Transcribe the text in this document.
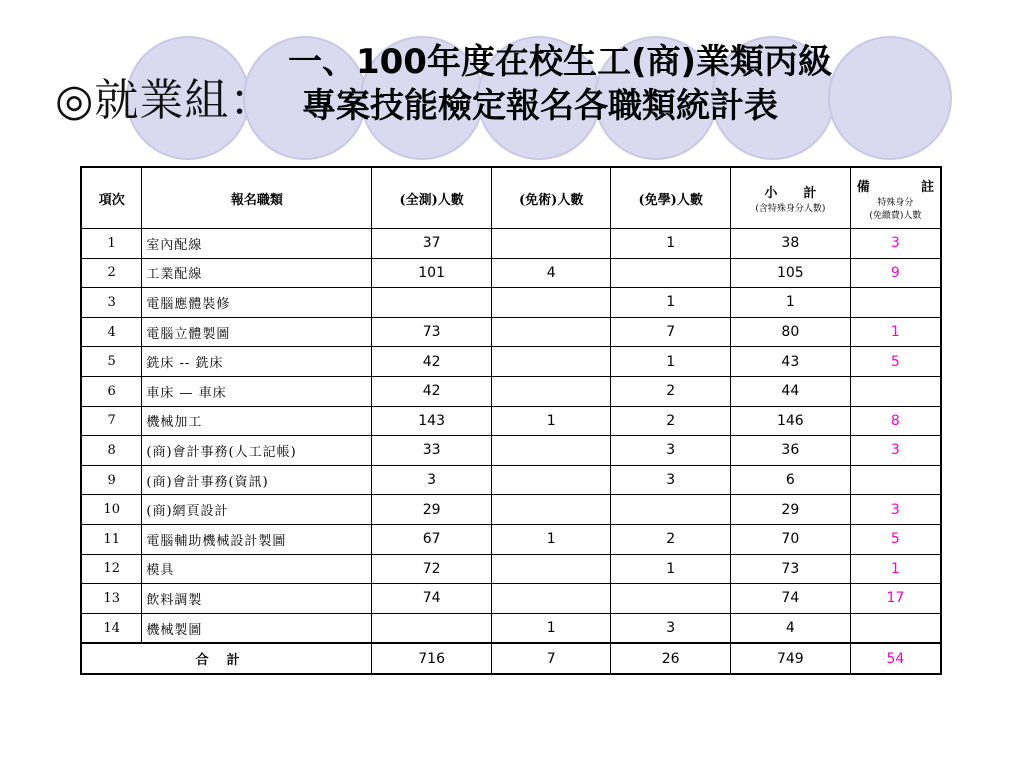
◎就業組：
一、100年度在校生工(商)業類丙級
專案技能檢定報名各職類統計表
項次	報名職類	(全測)人數	(免術)人數	(免學)人數	小　　計
(含特殊身分人數)	備 註
特殊身分
(免繳費)人數

1	室內配線	37		1	38	3
2	工業配線	101	4		105	9
3	電腦應體裝修			1	1	
4	電腦立體製圖	73		7	80	1
5	銑床 -- 銑床	42		1	43	5
6	車床 — 車床	42		2	44	
7	機械加工	143	1	2	146	8
8	(商)會計事務(人工記帳)	33		3	36	3
9	(商)會計事務(資訊)	3		3	6	
10	(商)網頁設計	29			29	3
11	電腦輔助機械設計製圖	67	1	2	70	5
12	模具	72		1	73	1
13	飲料調製	74			74	17
14	機械製圖		1	3	4	
合計		716	7	26	749	54
